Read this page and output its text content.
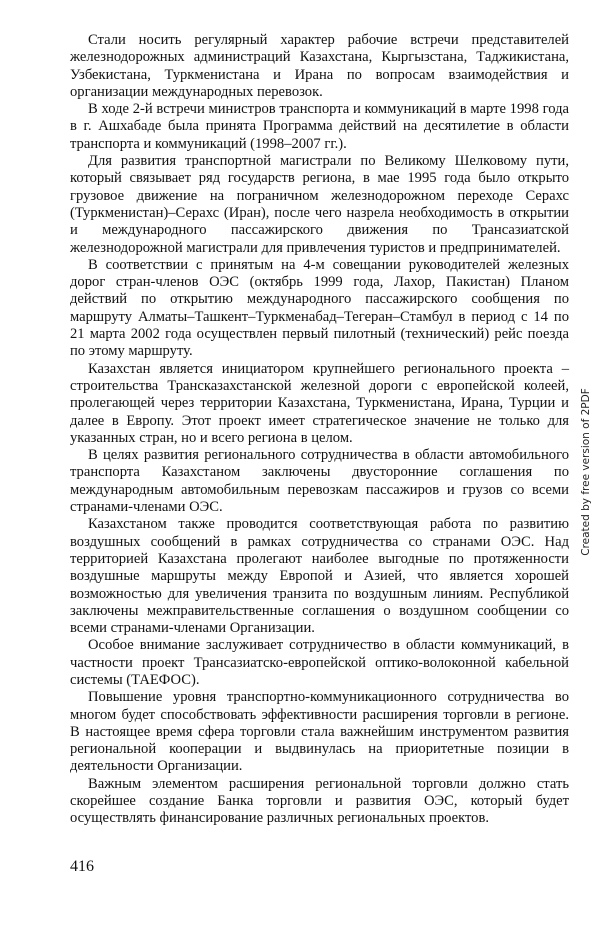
Стали носить регулярный характер рабочие встречи представителей железнодорожных администраций Казахстана, Кыргызстана, Таджикистана, Узбекистана, Туркменистана и Ирана по вопросам взаимодействия и организации международных перевозок.

В ходе 2-й встречи министров транспорта и коммуникаций в марте 1998 года в г. Ашхабаде была принята Программа действий на десятилетие в области транспорта и коммуникаций (1998–2007 гг.).

Для развития транспортной магистрали по Великому Шелковому пути, который связывает ряд государств региона, в мае 1995 года было открыто грузовое движение на пограничном железнодорожном переходе Серахс (Туркменистан)–Серахс (Иран), после чего назрела необходимость в открытии и международного пассажирского движения по Трансазиатской железнодорожной магистрали для привлечения туристов и предпринимателей.

В соответствии с принятым на 4-м совещании руководителей железных дорог стран-членов ОЭС (октябрь 1999 года, Лахор, Пакистан) Планом действий по открытию международного пассажирского сообщения по маршруту Алматы–Ташкент–Туркменабад–Тегеран–Стамбул в период с 14 по 21 марта 2002 года осуществлен первый пилотный (технический) рейс поезда по этому маршруту.

Казахстан является инициатором крупнейшего регионального проекта – строительства Трансказахстанской железной дороги с европейской колеей, пролегающей через территории Казахстана, Туркменистана, Ирана, Турции и далее в Европу. Этот проект имеет стратегическое значение не только для указанных стран, но и всего региона в целом.

В целях развития регионального сотрудничества в области автомобильного транспорта Казахстаном заключены двусторонние соглашения по международным автомобильным перевозкам пассажиров и грузов со всеми странами-членами ОЭС.

Казахстаном также проводится соответствующая работа по развитию воздушных сообщений в рамках сотрудничества со странами ОЭС. Над территорией Казахстана пролегают наиболее выгодные по протяженности воздушные маршруты между Европой и Азией, что является хорошей возможностью для увеличения транзита по воздушным линиям. Республикой заключены межправительственные соглашения о воздушном сообщении со всеми странами-членами Организации.

Особое внимание заслуживает сотрудничество в области коммуникаций, в частности проект Трансазиатско-европейской оптико-волоконной кабельной системы (ТАЕФОС).

Повышение уровня транспортно-коммуникационного сотрудничества во многом будет способствовать эффективности расширения торговли в регионе. В настоящее время сфера торговли стала важнейшим инструментом развития региональной кооперации и выдвинулась на приоритетные позиции в деятельности Организации.

Важным элементом расширения региональной торговли должно стать скорейшее создание Банка торговли и развития ОЭС, который будет осуществлять финансирование различных региональных проектов.

416
Created by free version of 2PDF
